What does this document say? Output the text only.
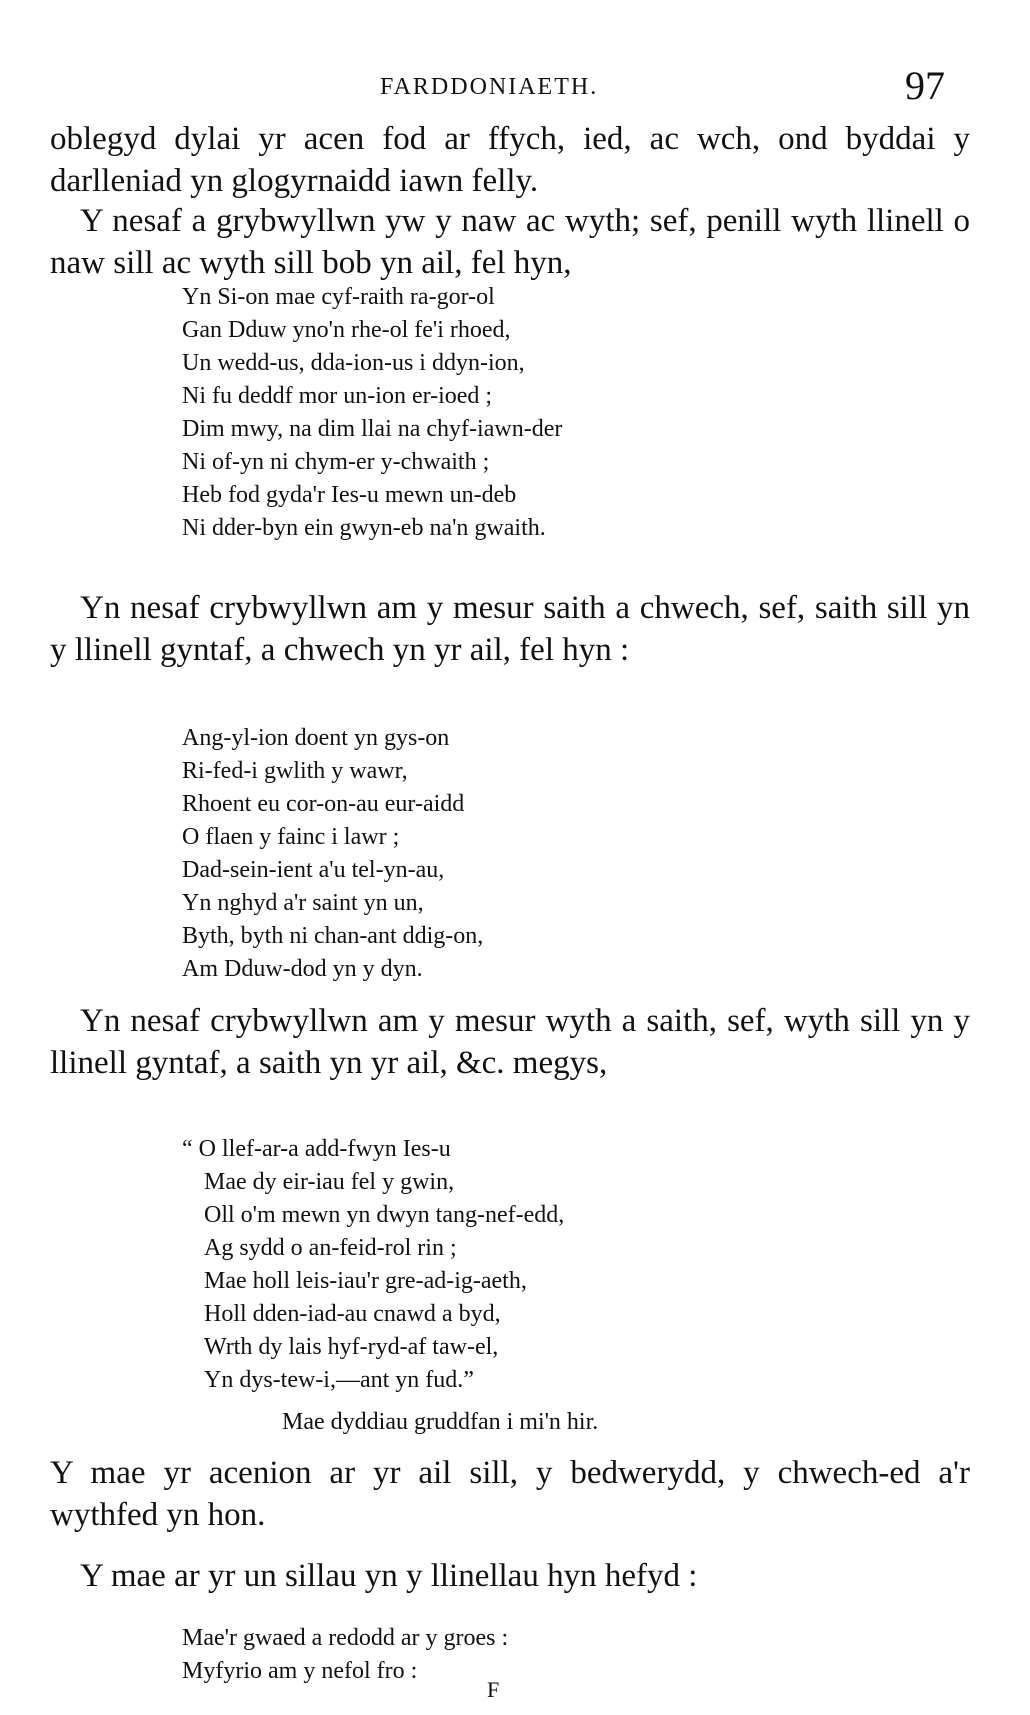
FARDDONIAETH.	97

oblegyd dylai yr acen fod ar ffych, ied, ac wch, ond byddai y darlleniad yn glogyrnaidd iawn felly.

Y nesaf a grybwyllwn yw y naw ac wyth; sef, penill wyth llinell o naw sill ac wyth sill bob yn ail, fel hyn,

Yn Si-on mae cyf-raith ra-gor-ol
Gan Dduw yno'n rhe-ol fe'i rhoed,
Un wedd-us, dda-ion-us i ddyn-ion,
Ni fu deddf mor un-ion er-ioed ;
Dim mwy, na dim llai na chyf-iawn-der
Ni of-yn ni chym-er y-chwaith ;
Heb fod gyda'r Ies-u mewn un-deb
Ni dder-byn ein gwyn-eb na'n gwaith.

Yn nesaf crybwyllwn am y mesur saith a chwech, sef, saith sill yn y llinell gyntaf, a chwech yn yr ail, fel hyn :

Ang-yl-ion doent yn gys-on
Ri-fed-i gwlith y wawr,
Rhoent eu cor-on-au eur-aidd
O flaen y fainc i lawr ;
Dad-sein-ient a'u tel-yn-au,
Yn nghyd a'r saint yn un,
Byth, byth ni chan-ant ddig-on,
Am Dduw-dod yn y dyn.

Yn nesaf crybwyllwn am y mesur wyth a saith, sef, wyth sill yn y llinell gyntaf, a saith yn yr ail, &c. megys,

“ O llef-ar-a add-fwyn Ies-u
Mae dy eir-iau fel y gwin,
Oll o'm mewn yn dwyn tang-nef-edd,
Ag sydd o an-feid-rol rin ;
Mae holl leis-iau'r gre-ad-ig-aeth,
Holl dden-iad-au cnawd a byd,
Wrth dy lais hyf-ryd-af taw-el,
Yn dys-tew-i,—ant yn fud.”
Mae dyddiau gruddfan i mi'n hir.

Y mae yr acenion ar yr ail sill, y bedwerydd, y chwech-ed a'r wythfed yn hon.

Y mae ar yr un sillau yn y llinellau hyn hefyd :

Mae'r gwaed a redodd ar y groes :
Myfyrio am y nefol fro :
F
